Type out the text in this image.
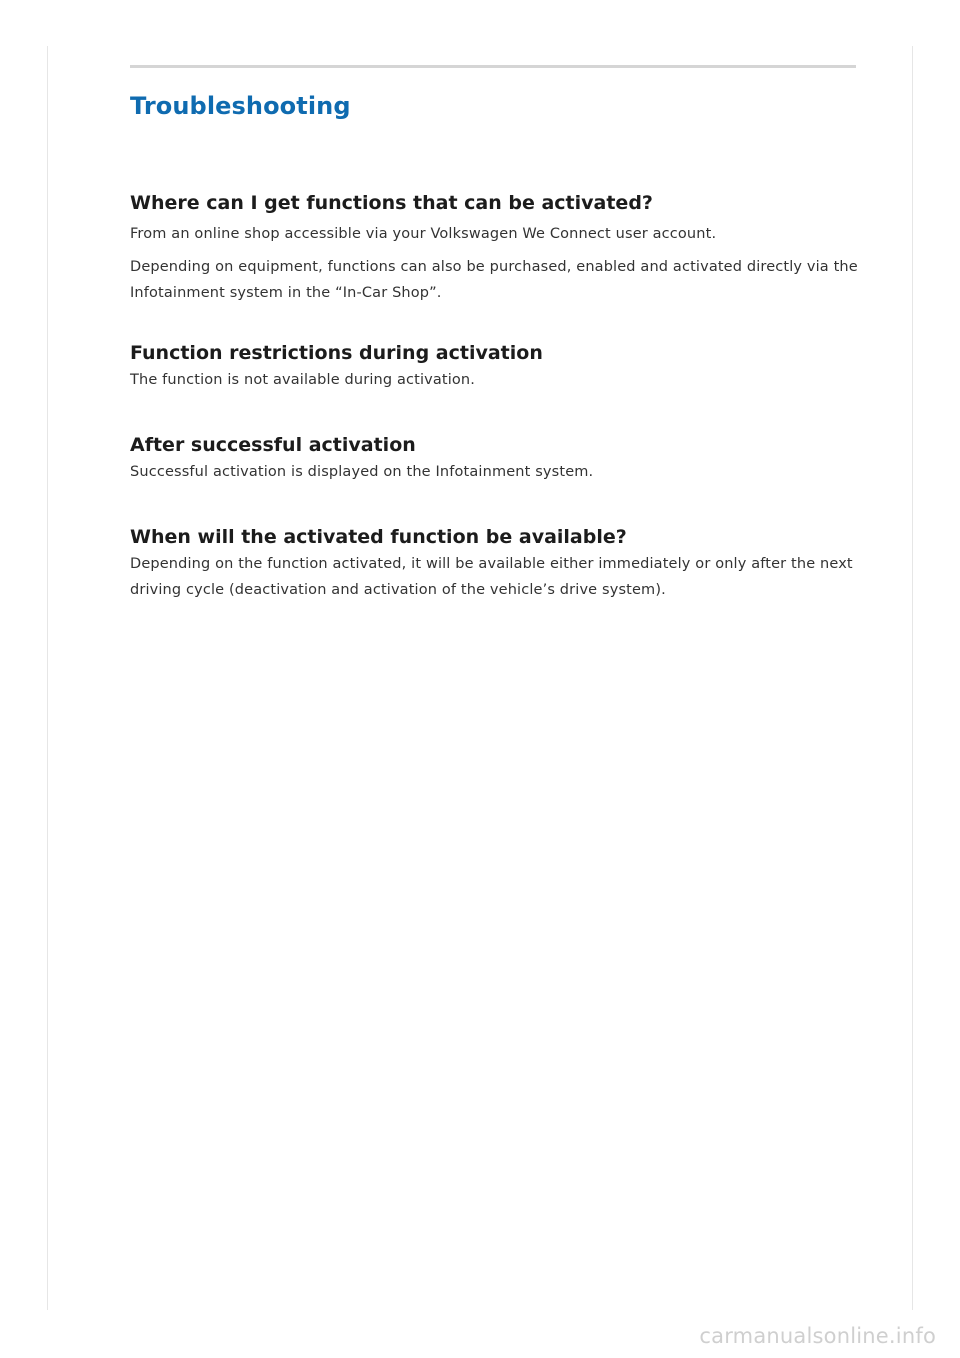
Troubleshooting
Where can I get functions that can be activated?

From an online shop accessible via your Volkswagen We Connect user account.

Depending on equipment, functions can also be purchased, enabled and activated directly via the Infotainment system in the “In-Car Shop”.

Function restrictions during activation

The function is not available during activation.

After successful activation

Successful activation is displayed on the Infotainment system.

When will the activated function be available?

Depending on the function activated, it will be available either immediately or only after the next driving cycle (deactivation and activation of the vehicle’s drive system).

carmanualsonline.info
